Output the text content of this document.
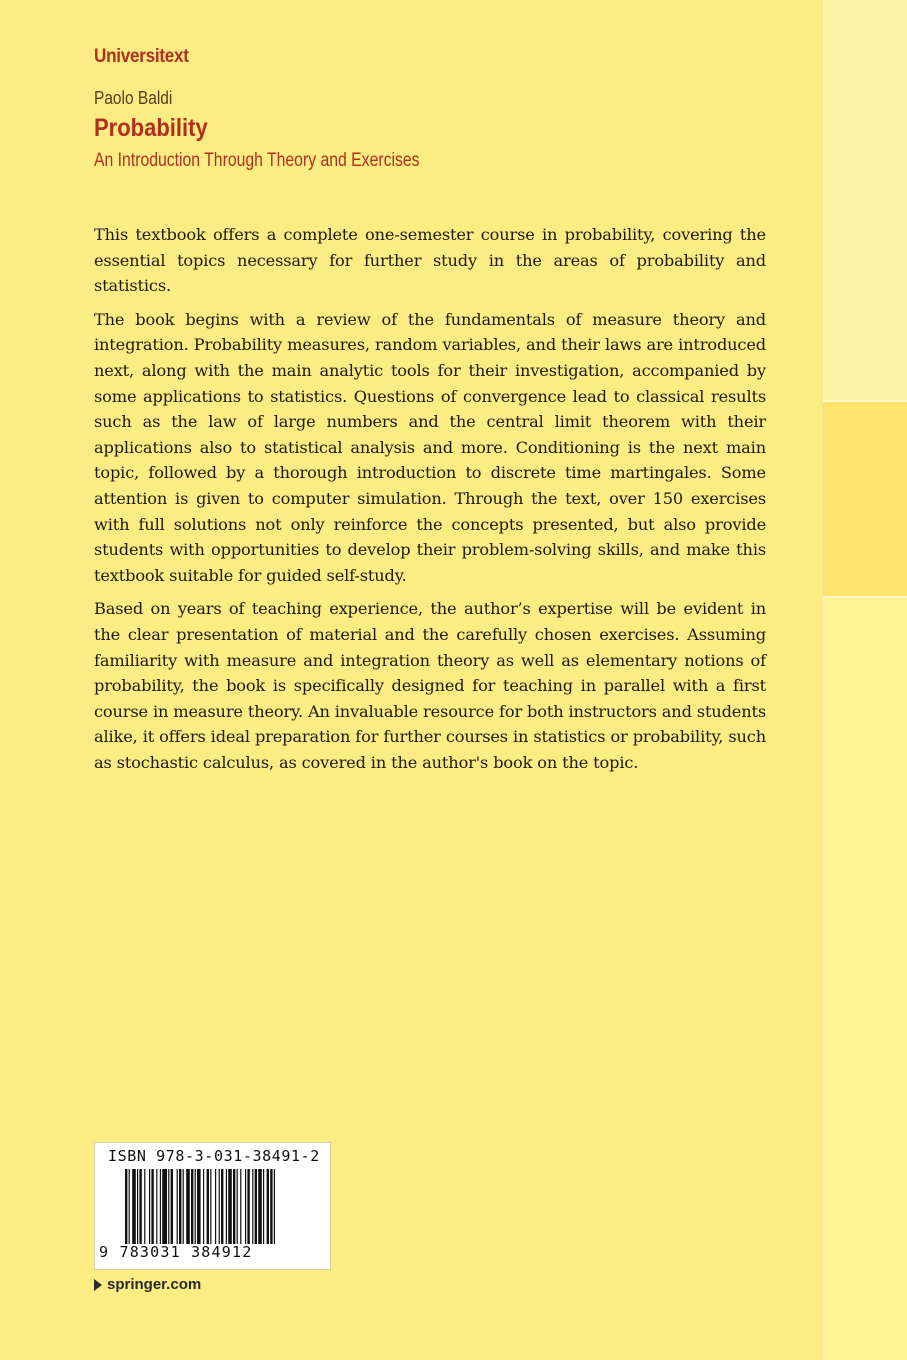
Universitext
Paolo Baldi
Probability
An Introduction Through Theory and Exercises

This textbook offers a complete one-semester course in probability, covering the essential topics necessary for further study in the areas of probability and statistics.

The book begins with a review of the fundamentals of measure theory and integration. Probability measures, random variables, and their laws are introduced next, along with the main analytic tools for their investigation, accompanied by some applications to statistics. Questions of convergence lead to classical results such as the law of large numbers and the central limit theorem with their applications also to statistical analysis and more. Conditioning is the next main topic, followed by a thorough introduction to discrete time martingales. Some attention is given to computer simulation. Through the text, over 150 exercises with full solutions not only reinforce the concepts presented, but also provide students with opportunities to develop their problem-solving skills, and make this textbook suitable for guided self-study.

Based on years of teaching experience, the author’s expertise will be evident in the clear presentation of material and the carefully chosen exercises. Assuming familiarity with measure and integration theory as well as elementary notions of probability, the book is specifically designed for teaching in parallel with a first course in measure theory. An invaluable resource for both instructors and students alike, it offers ideal preparation for further courses in statistics or probability, such as stochastic calculus, as covered in the author's book on the topic.

ISBN 978-3-031-38491-2
9 783031 384912
springer.com
